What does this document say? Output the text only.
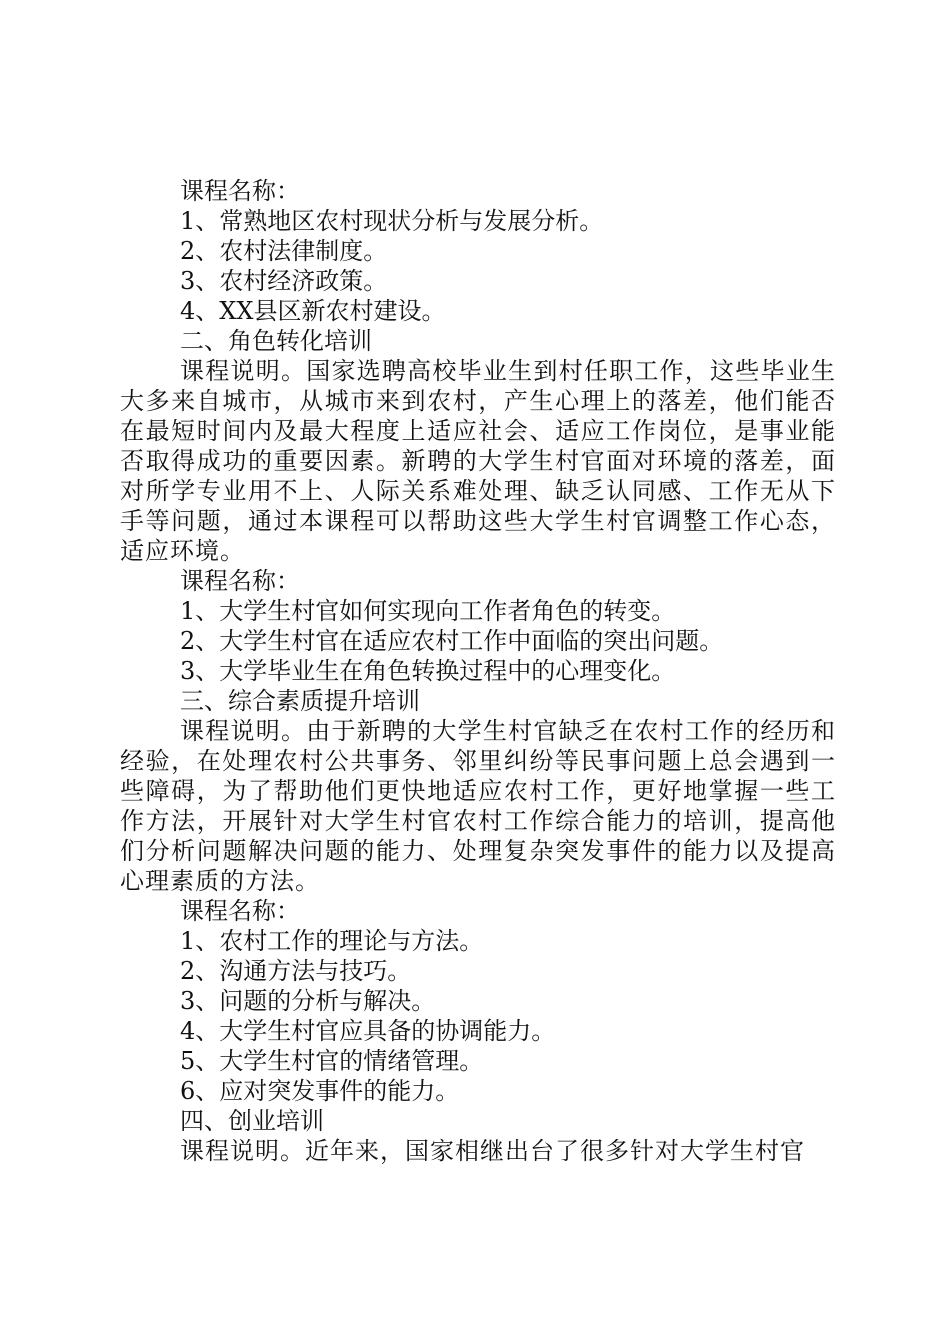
课程名称：

1、常熟地区农村现状分析与发展分析。

2、农村法律制度。

3、农村经济政策。

4、XX县区新农村建设。

二、角色转化培训

课程说明。国家选聘高校毕业生到村任职工作，这些毕业生大多来自城市，从城市来到农村，产生心理上的落差，他们能否在最短时间内及最大程度上适应社会、适应工作岗位，是事业能否取得成功的重要因素。新聘的大学生村官面对环境的落差，面对所学专业用不上、人际关系难处理、缺乏认同感、工作无从下手等问题，通过本课程可以帮助这些大学生村官调整工作心态，适应环境。

课程名称：

1、大学生村官如何实现向工作者角色的转变。

2、大学生村官在适应农村工作中面临的突出问题。

3、大学毕业生在角色转换过程中的心理变化。

三、综合素质提升培训

课程说明。由于新聘的大学生村官缺乏在农村工作的经历和经验，在处理农村公共事务、邻里纠纷等民事问题上总会遇到一些障碍，为了帮助他们更快地适应农村工作，更好地掌握一些工作方法，开展针对大学生村官农村工作综合能力的培训，提高他们分析问题解决问题的能力、处理复杂突发事件的能力以及提高心理素质的方法。

课程名称：

1、农村工作的理论与方法。

2、沟通方法与技巧。

3、问题的分析与解决。

4、大学生村官应具备的协调能力。

5、大学生村官的情绪管理。

6、应对突发事件的能力。

四、创业培训

课程说明。近年来，国家相继出台了很多针对大学生村官
